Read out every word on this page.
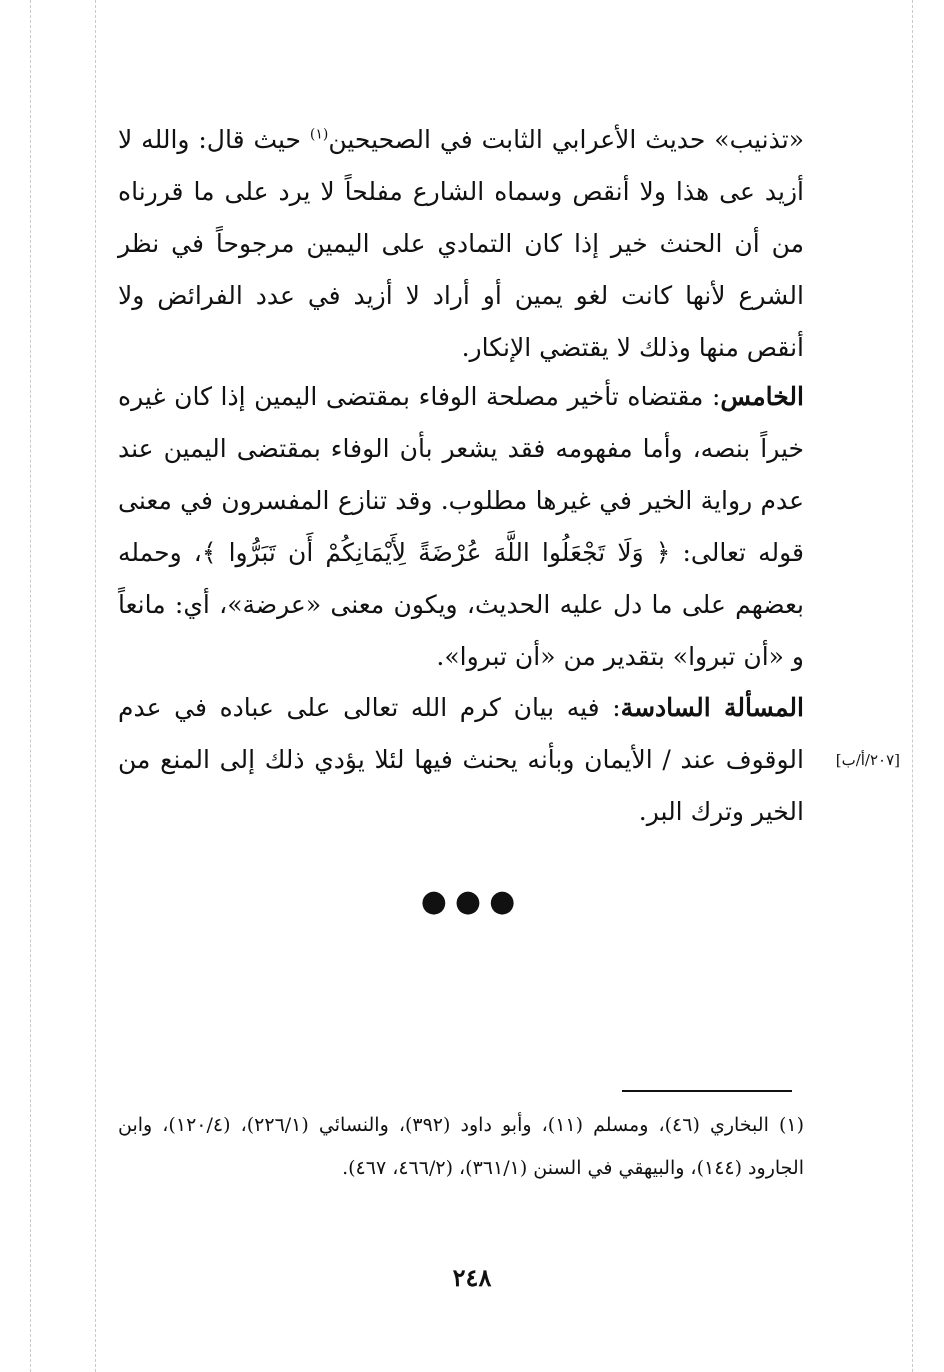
«تذنيب» حديث الأعرابي الثابت في الصحيحين$^{(١)}$ حيث قال: والله لا أزيد عى هذا ولا أنقص وسماه الشارع مفلحاً لا يرد على ما قررناه من أن الحنث خير إذا كان التمادي على اليمين مرجوحاً في نظر الشرع لأنها كانت لغو يمين أو أراد لا أزيد في عدد الفرائض ولا أنقص منها وذلك لا يقتضي الإنكار.

الخامس: مقتضاه تأخير مصلحة الوفاء بمقتضى اليمين إذا كان غيره خيراً بنصه، وأما مفهومه فقد يشعر بأن الوفاء بمقتضى اليمين عند عدم رواية الخير في غيرها مطلوب. وقد تنازع المفسرون في معنى قوله تعالى: ﴿ وَلَا تَجْعَلُوا اللَّهَ عُرْضَةً لِأَيْمَانِكُمْ أَن تَبَرُّوا ﴾، وحمله بعضهم على ما دل عليه الحديث، ويكون معنى «عرضة»، أي: مانعاً و «أن تبروا» بتقدير من «أن تبروا».

المسألة السادسة: فيه بيان كرم الله تعالى على عباده في عدم الوقوف عند / الأيمان وبأنه يحنث فيها لئلا يؤدي ذلك إلى المنع من الخير وترك البر.

[٢٠٧/أ/ب]
●●●

(١) البخاري (٤٦)، ومسلم (١١)، وأبو داود (٣٩٢)، والنسائي (٢٢٦/١)، (١٢٠/٤)، وابن الجارود (١٤٤)، والبيهقي في السنن (٣٦١/١)، (٤٦٦/٢، ٤٦٧).

٢٤٨
